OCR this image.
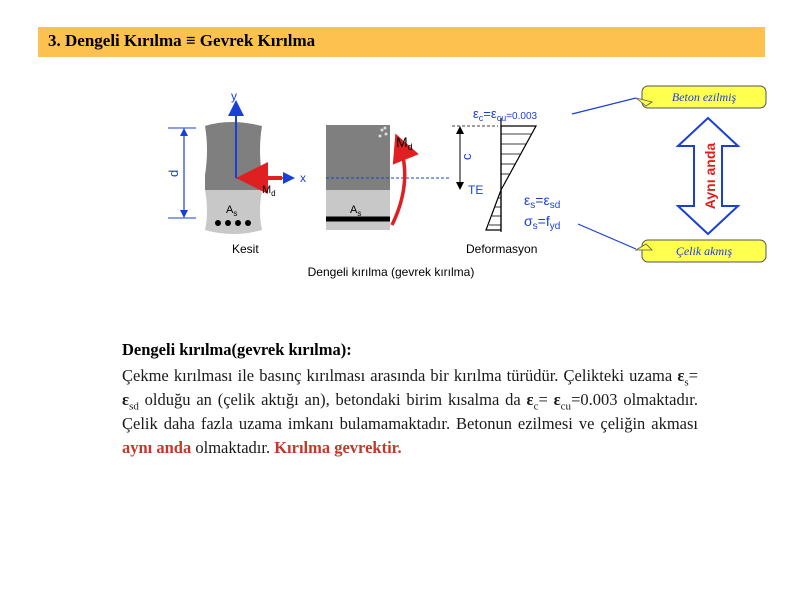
3. Dengeli Kırılma ≡ Gevrek Kırılma
y
x
$M_d$
$A_s$
d
Kesit
$M_d$
$A_s$
c
TE
$\varepsilon_c=\varepsilon_{cu}=0.003$
$\varepsilon_s=\varepsilon_{sd}$
$\sigma_s=f_{yd}$
Deformasyon
Beton ezilmiş
Çelik akmış
Aynı anda
Dengeli kırılma (gevrek kırılma)
Dengeli kırılma(gevrek kırılma):
Çekme kırılması ile basınç kırılması arasında bir kırılma türüdür. Çelikteki uzama $\varepsilon_s= \varepsilon_{sd}$ olduğu an (çelik aktığı an), betondaki birim kısalma da $\varepsilon_c= \varepsilon_{cu}=0.003$ olmaktadır. Çelik daha fazla uzama imkanı bulamamaktadır. Betonun ezilmesi ve çeliğin akması aynı anda olmaktadır. Kırılma gevrektir.
